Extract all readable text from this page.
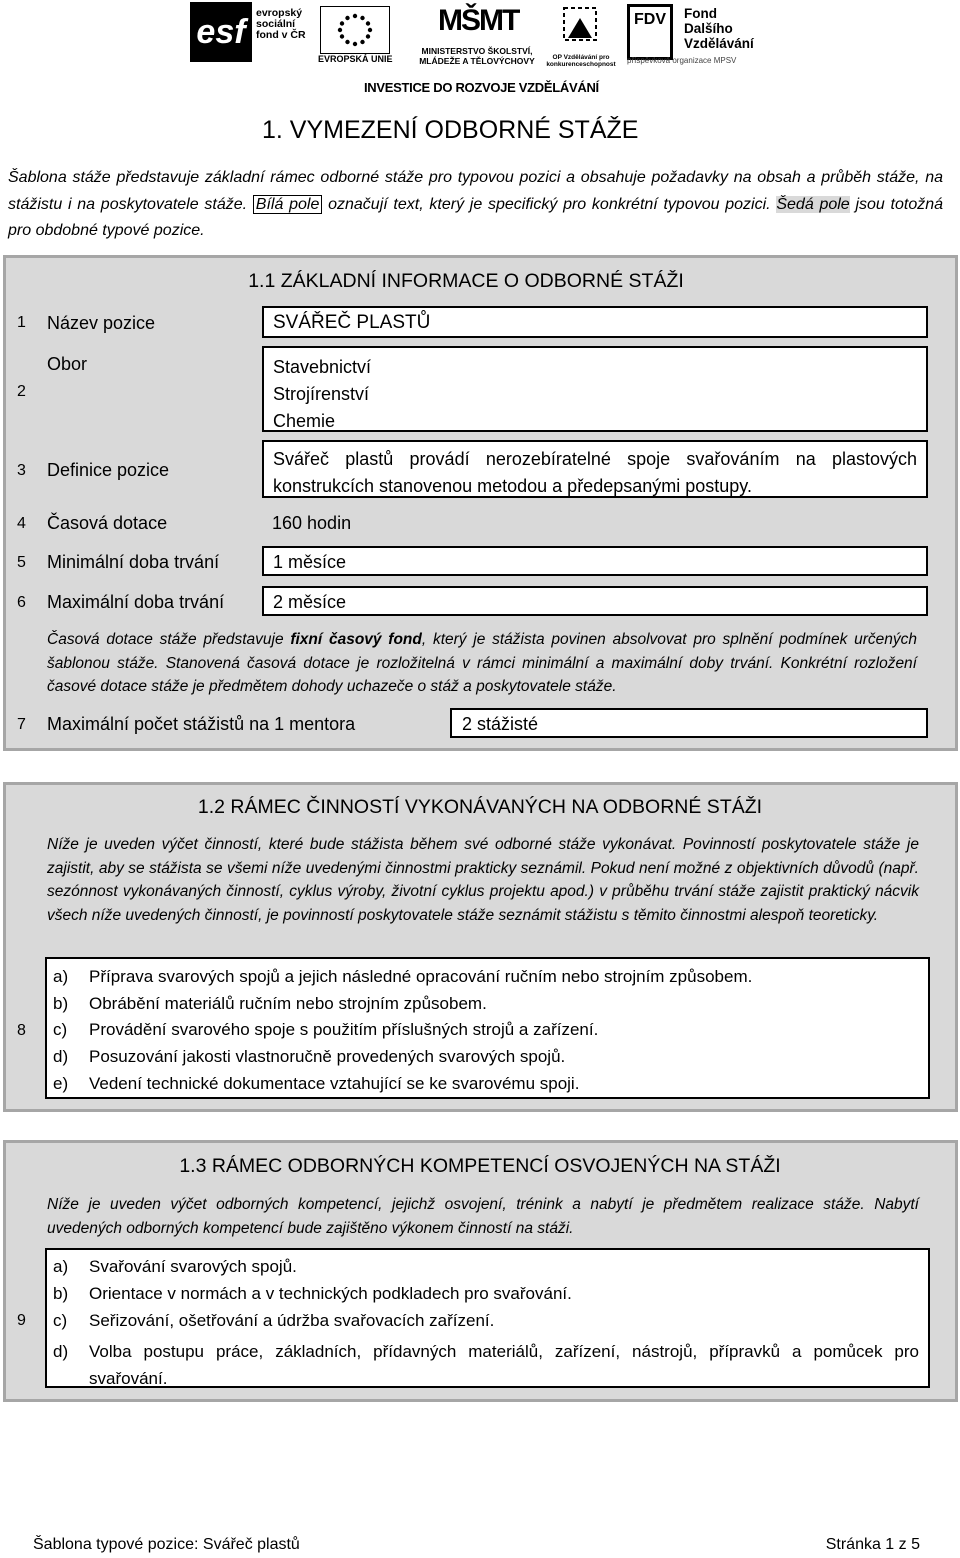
esf evropský
sociální
fond v ČR
EVROPSKÁ UNIE
MŠMT
MINISTERSTVO ŠKOLSTVÍ,
MLÁDEŽE A TĚLOVÝCHOVY	OP Vzdělávání pro konkurenceschopnost
FDV	Fond
Dalšího
Vzdělávání
příspěvková organizace MPSV
INVESTICE DO ROZVOJE VZDĚLÁVÁNÍ
1. VYMEZENÍ ODBORNÉ STÁŽE
Šablona stáže představuje základní rámec odborné stáže pro typovou pozici a obsahuje požadavky na obsah a průběh stáže, na stážistu i na poskytovatele stáže. Bílá pole označují text, který je specifický pro konkrétní typovou pozici. Šedá pole jsou totožná pro obdobné typové pozice.
1.1 ZÁKLADNÍ INFORMACE O ODBORNÉ STÁŽI
1 Název pozice	SVÁŘEČ PLASTŮ
2
Obor	Stavebnictví
Strojírenství
Chemie
3 Definice pozice
Svářeč plastů provádí nerozebíratelné spoje svařováním na plastových konstrukcích stanovenou metodou a předepsanými postupy.
4 Časová dotace	160 hodin
5 Minimální doba trvání	1 měsíce
6 Maximální doba trvání	2 měsíce
Časová dotace stáže představuje fixní časový fond, který je stážista povinen absolvovat pro splnění podmínek určených šablonou stáže. Stanovená časová dotace je rozložitelná v rámci minimální a maximální doby trvání. Konkrétní rozložení časové dotace stáže je předmětem dohody uchazeče o stáž a poskytovatele stáže.
7 Maximální počet stážistů na 1 mentora	2 stážisté
1.2 RÁMEC ČINNOSTÍ VYKONÁVANÝCH NA ODBORNÉ STÁŽI
Níže je uveden výčet činností, které bude stážista během své odborné stáže vykonávat. Povinností poskytovatele stáže je zajistit, aby se stážista se všemi níže uvedenými činnostmi prakticky seznámil. Pokud není možné z objektivních důvodů (např. sezónnost vykonávaných činností, cyklus výroby, životní cyklus projektu apod.) v průběhu trvání stáže zajistit praktický nácvik všech níže uvedených činností, je povinností poskytovatele stáže seznámit stážistu s těmito činnostmi alespoň teoreticky.
8
a) Příprava svarových spojů a jejich následné opracování ručním nebo strojním způsobem.
b) Obrábění materiálů ručním nebo strojním způsobem.
c) Provádění svarového spoje s použitím příslušných strojů a zařízení.
d) Posuzování jakosti vlastnoručně provedených svarových spojů.
e) Vedení technické dokumentace vztahující se ke svarovému spoji.
1.3 RÁMEC ODBORNÝCH KOMPETENCÍ OSVOJENÝCH NA STÁŽI
Níže je uveden výčet odborných kompetencí, jejichž osvojení, trénink a nabytí je předmětem realizace stáže. Nabytí uvedených odborných kompetencí bude zajištěno výkonem činností na stáži.
9
a) Svařování svarových spojů.
b) Orientace v normách a v technických podkladech pro svařování.
c) Seřizování, ošetřování a údržba svařovacích zařízení.
d)	Volba postupu práce, základních, přídavných materiálů, zařízení, nástrojů, přípravků a pomůcek pro svařování.
Šablona typové pozice: Svářeč plastů	Stránka 1 z 5
